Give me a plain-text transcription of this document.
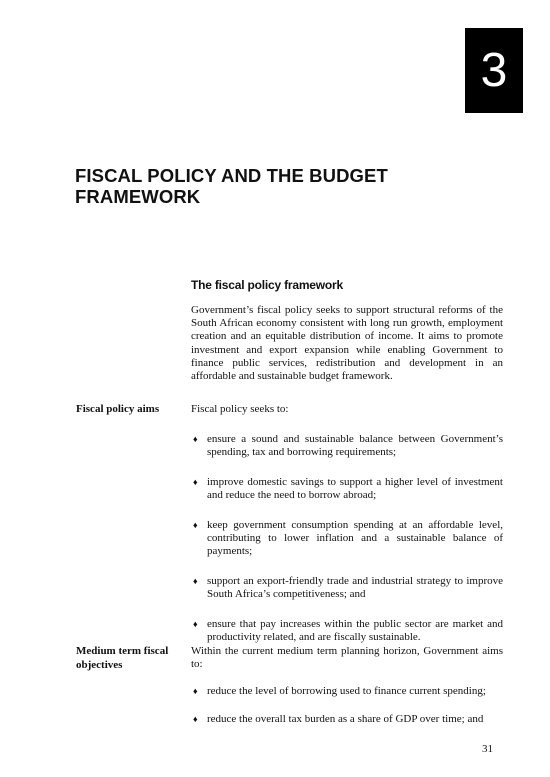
3
FISCAL POLICY AND THE BUDGET FRAMEWORK
The fiscal policy framework
Government’s fiscal policy seeks to support structural reforms of the South African economy consistent with long run growth, employment creation and an equitable distribution of income. It aims to promote investment and export expansion while enabling Government to finance public services, redistribution and development in an affordable and sustainable budget framework.
Fiscal policy aims	Fiscal policy seeks to:
♦ ensure a sound and sustainable balance between Government’s spending, tax and borrowing requirements;
♦ improve domestic savings to support a higher level of investment and reduce the need to borrow abroad;
♦ keep government consumption spending at an affordable level, contributing to lower inflation and a sustainable balance of payments;
♦ support an export-friendly trade and industrial strategy to improve South Africa’s competitiveness; and
♦ ensure that pay increases within the public sector are market and productivity related, and are fiscally sustainable.
Medium term fiscal objectives
Within the current medium term planning horizon, Government aims to:
♦ reduce the level of borrowing used to finance current spending;
♦ reduce the overall tax burden as a share of GDP over time; and
31
